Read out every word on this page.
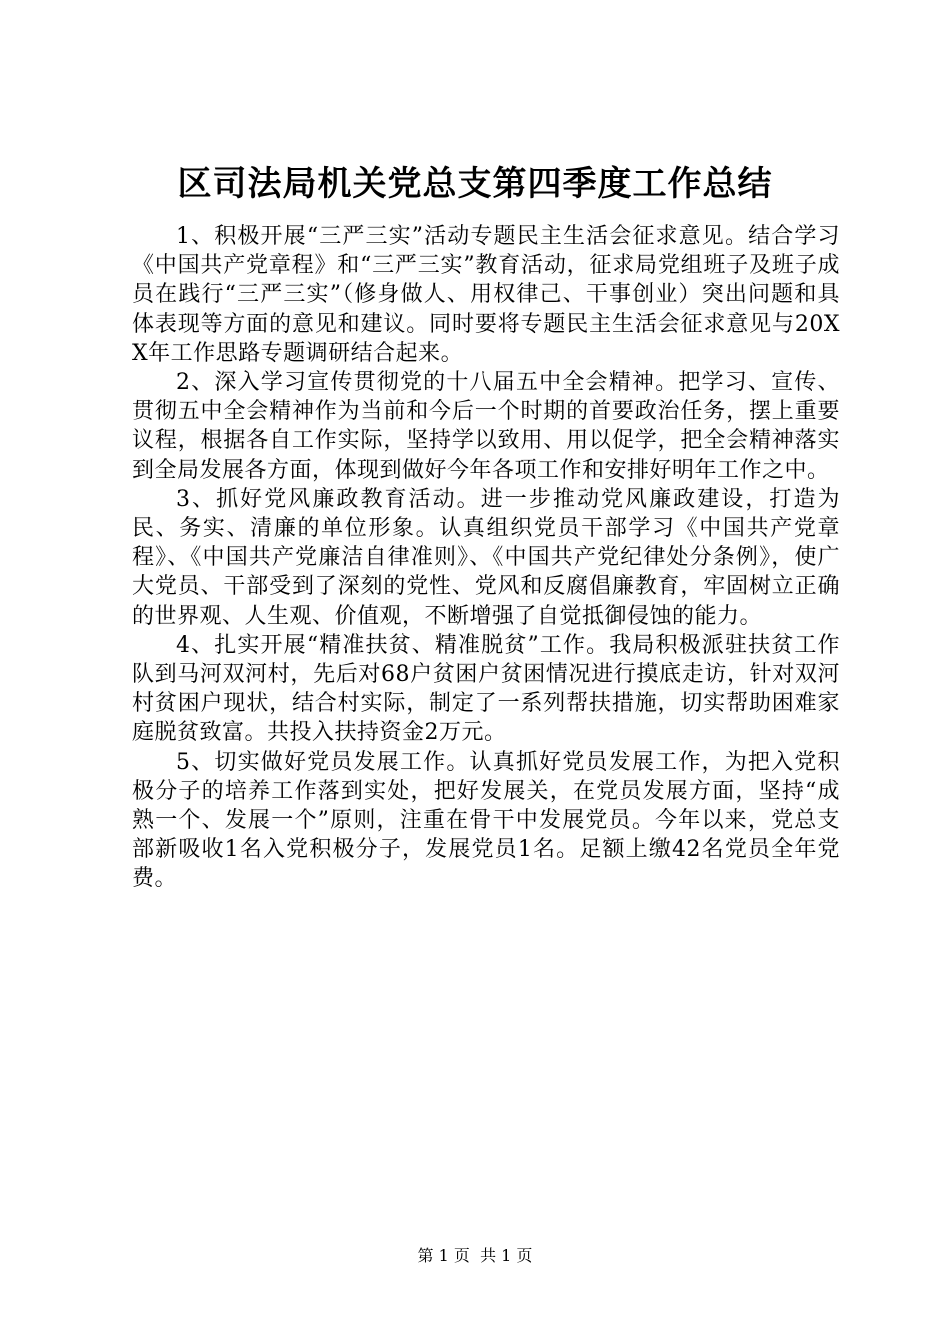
区司法局机关党总支第四季度工作总结

1、积极开展“三严三实”活动专题民主生活会征求意见。结合学习《中国共产党章程》和“三严三实”教育活动，征求局党组班子及班子成员在践行“三严三实”（修身做人、用权律己、干事创业）突出问题和具体表现等方面的意见和建议。同时要将专题民主生活会征求意见与20XX年工作思路专题调研结合起来。

2、深入学习宣传贯彻党的十八届五中全会精神。把学习、宣传、贯彻五中全会精神作为当前和今后一个时期的首要政治任务，摆上重要议程，根据各自工作实际，坚持学以致用、用以促学，把全会精神落实到全局发展各方面，体现到做好今年各项工作和安排好明年工作之中。

3、抓好党风廉政教育活动。进一步推动党风廉政建设，打造为民、务实、清廉的单位形象。认真组织党员干部学习《中国共产党章程》、《中国共产党廉洁自律准则》、《中国共产党纪律处分条例》，使广大党员、干部受到了深刻的党性、党风和反腐倡廉教育，牢固树立正确的世界观、人生观、价值观，不断增强了自觉抵御侵蚀的能力。

4、扎实开展“精准扶贫、精准脱贫”工作。我局积极派驻扶贫工作队到马河双河村，先后对68户贫困户贫困情况进行摸底走访，针对双河村贫困户现状，结合村实际，制定了一系列帮扶措施，切实帮助困难家庭脱贫致富。共投入扶持资金2万元。

5、切实做好党员发展工作。认真抓好党员发展工作，为把入党积极分子的培养工作落到实处，把好发展关，在党员发展方面，坚持“成熟一个、发展一个”原则，注重在骨干中发展党员。今年以来，党总支部新吸收1名入党积极分子，发展党员1名。足额上缴42名党员全年党费。

第 1 页  共 1 页
